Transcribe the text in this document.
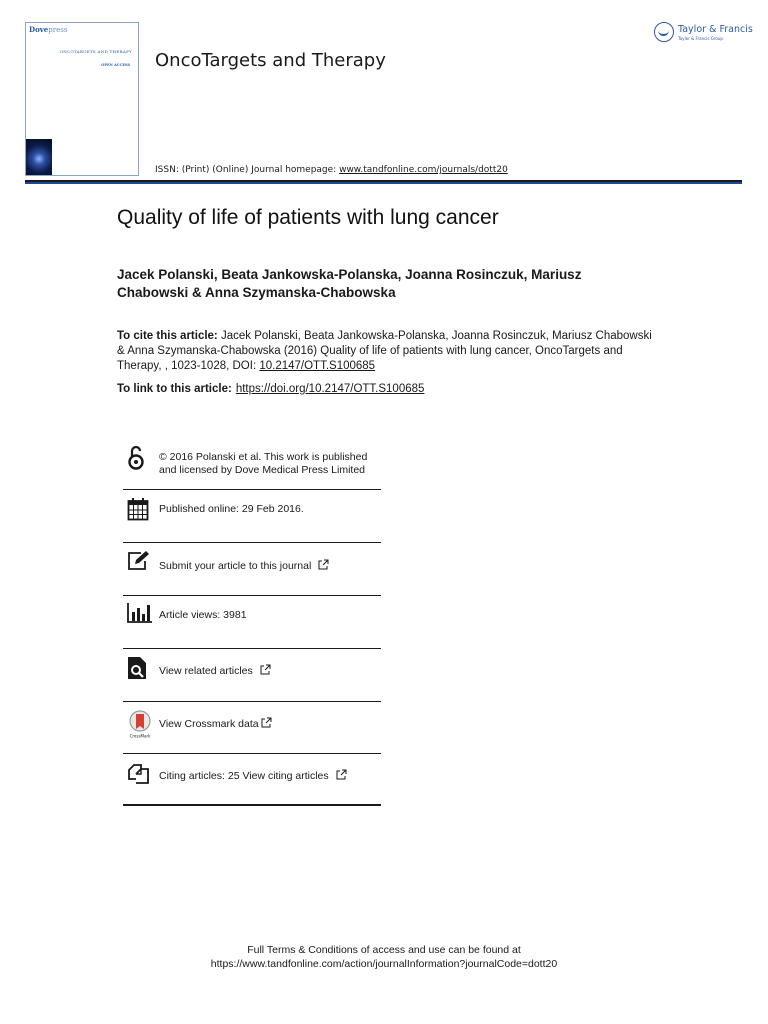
Dovepress
ONCOTARGETS AND THERAPY
OPEN ACCESS OncoTargets and Therapy
ISSN: (Print) (Online) Journal homepage: www.tandfonline.com/journals/dott20
Taylor & Francis
Taylor & Francis Group
Quality of life of patients with lung cancer
Jacek Polanski, Beata Jankowska-Polanska, Joanna Rosinczuk, Mariusz
Chabowski & Anna Szymanska-Chabowska
To cite this article: Jacek Polanski, Beata Jankowska-Polanska, Joanna Rosinczuk, Mariusz Chabowski & Anna Szymanska-Chabowska (2016) Quality of life of patients with lung cancer, OncoTargets and Therapy, , 1023-1028, DOI: 10.2147/OTT.S100685
To link to this article: https://doi.org/10.2147/OTT.S100685
© 2016 Polanski et al. This work is published
and licensed by Dove Medical Press Limited
Published online: 29 Feb 2016.
Submit your article to this journal
Article views: 3981
View related articles
CrossMark
View Crossmark data
Citing articles: 25 View citing articles
Full Terms & Conditions of access and use can be found at
https://www.tandfonline.com/action/journalInformation?journalCode=dott20
